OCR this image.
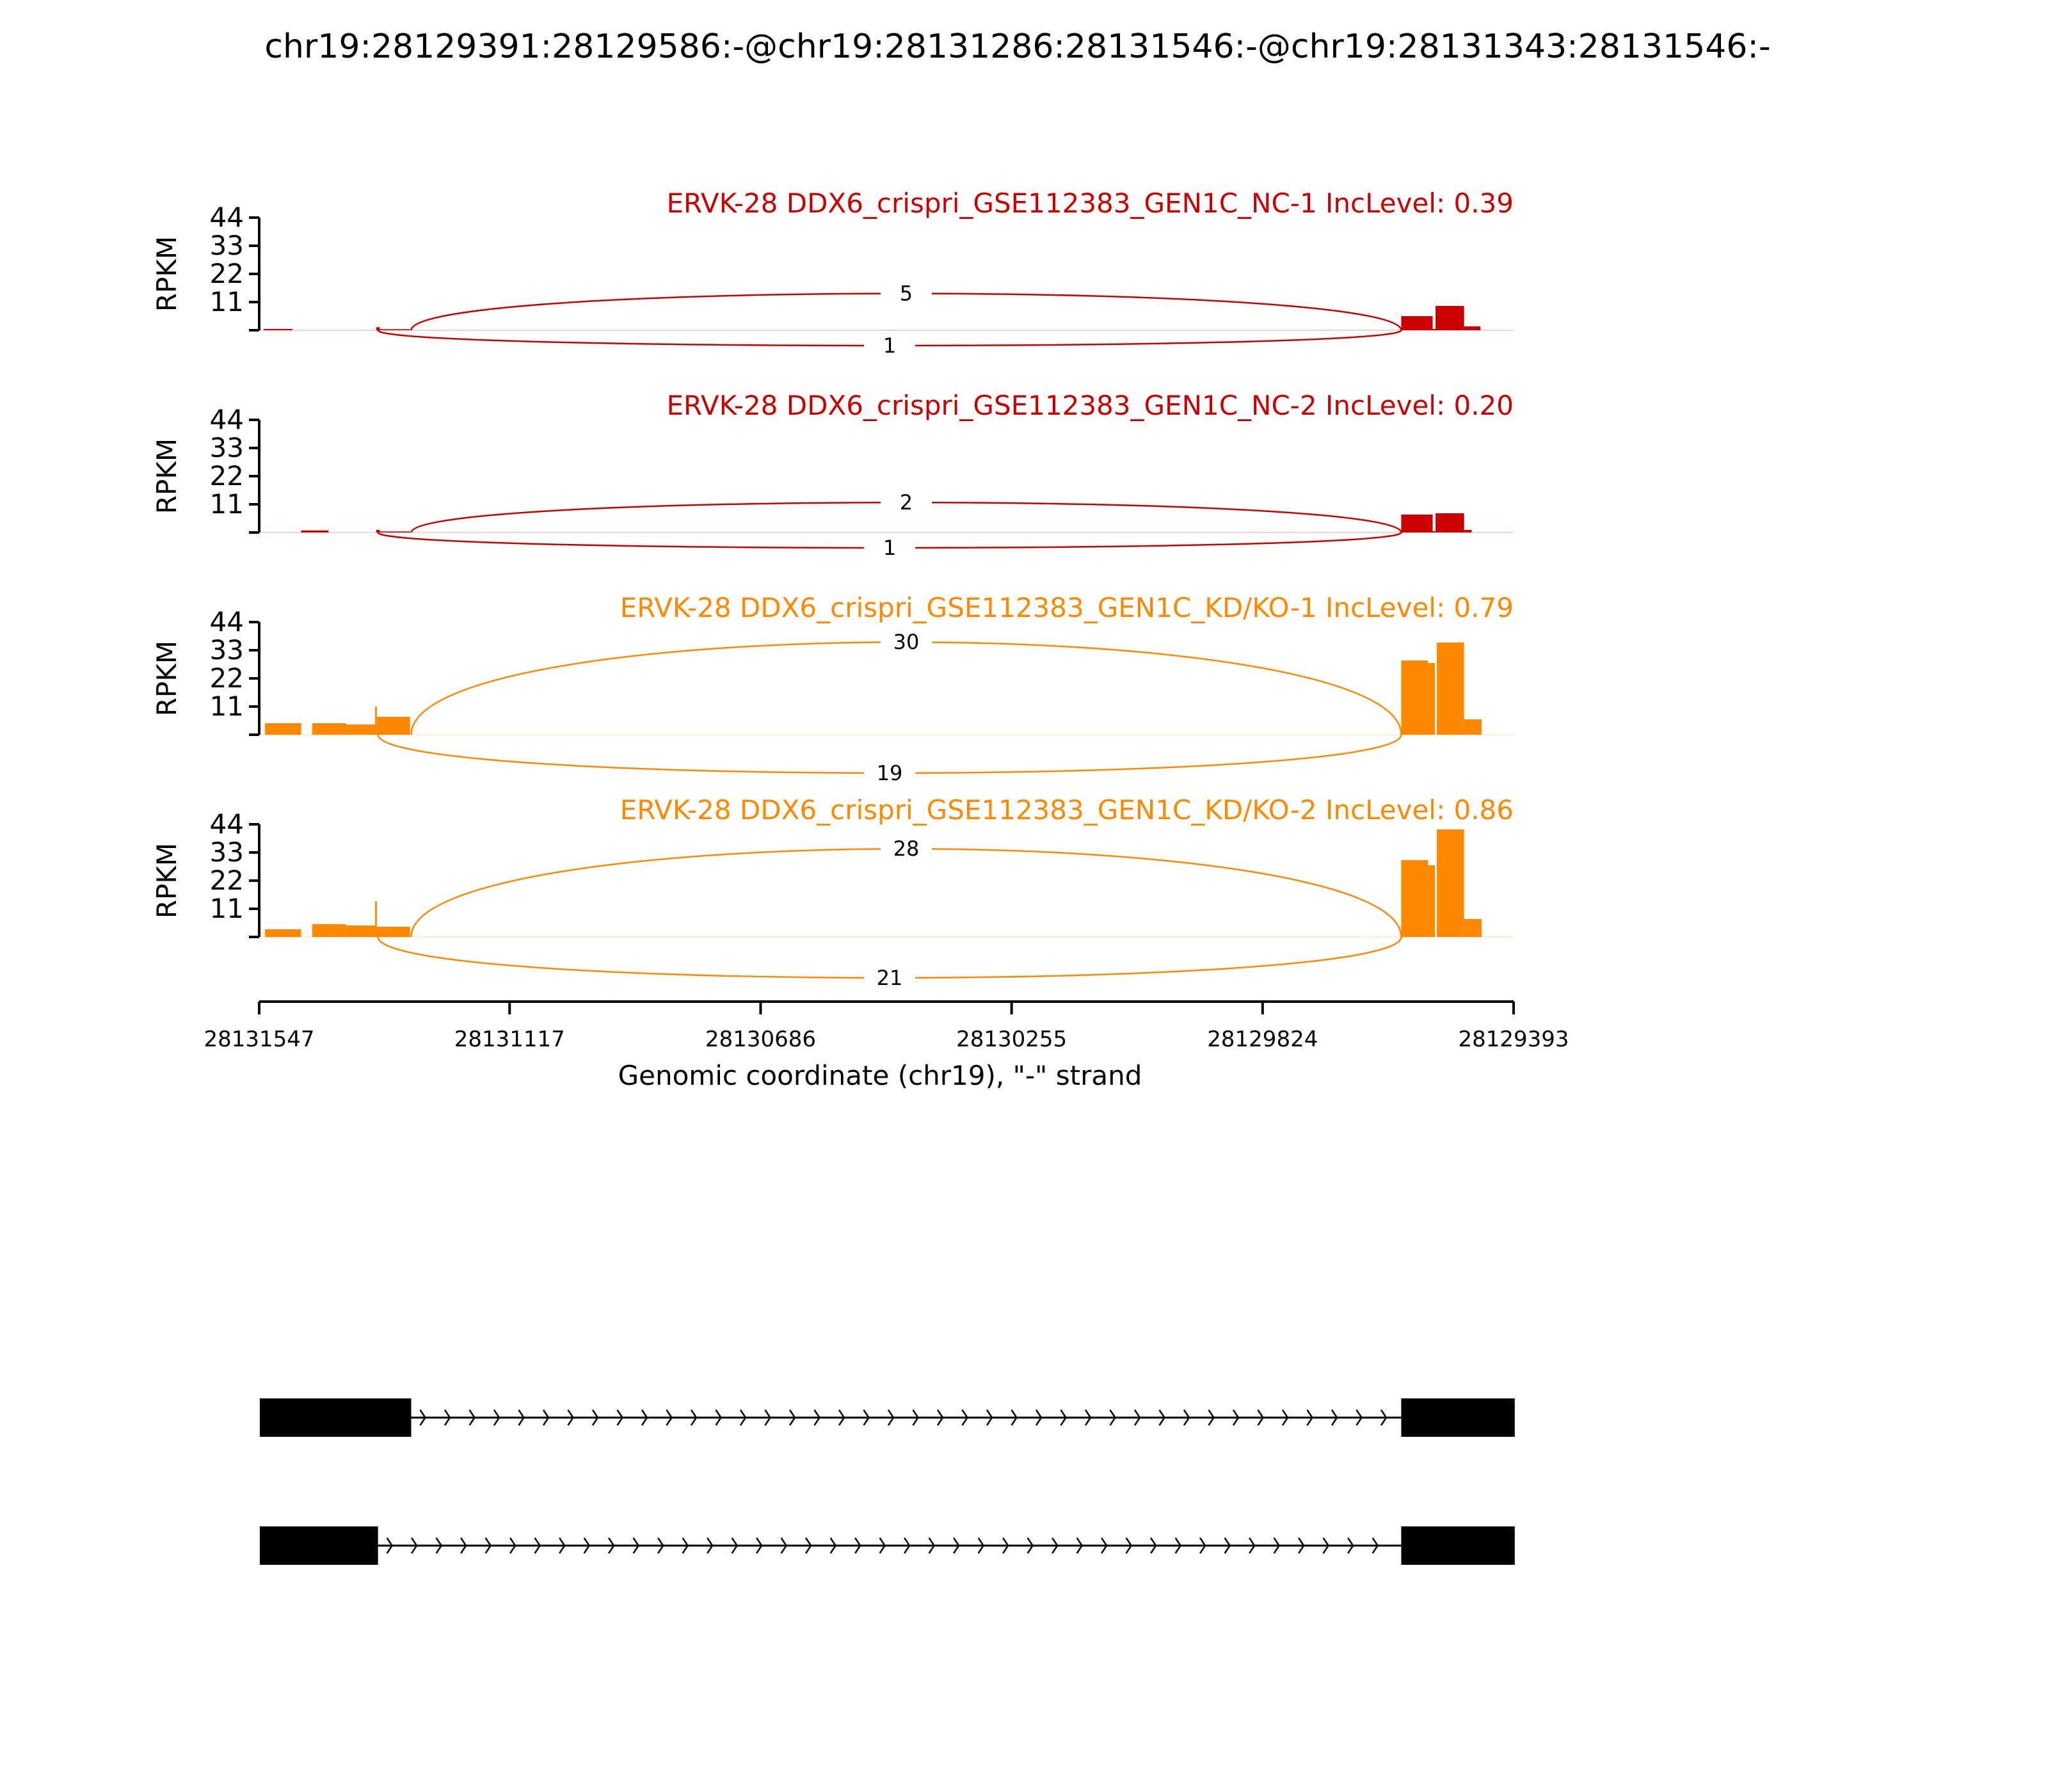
chr19:28129391:28129586:-@chr19:28131286:28131546:-@chr19:28131343:28131546:-
11
22
33
44
RPKM
ERVK-28 DDX6_crispri_GSE112383_GEN1C_NC-1 IncLevel: 0.39
5
1
11
22
33
44
RPKM
ERVK-28 DDX6_crispri_GSE112383_GEN1C_NC-2 IncLevel: 0.20
2
1
11
22
33
44
RPKM
ERVK-28 DDX6_crispri_GSE112383_GEN1C_KD/KO-1 IncLevel: 0.79
30
19
11
22
33
44
RPKM
ERVK-28 DDX6_crispri_GSE112383_GEN1C_KD/KO-2 IncLevel: 0.86
28
21
28131547	28131117	28130686	28130255	28129824	28129393
Genomic coordinate (chr19), "-" strand
